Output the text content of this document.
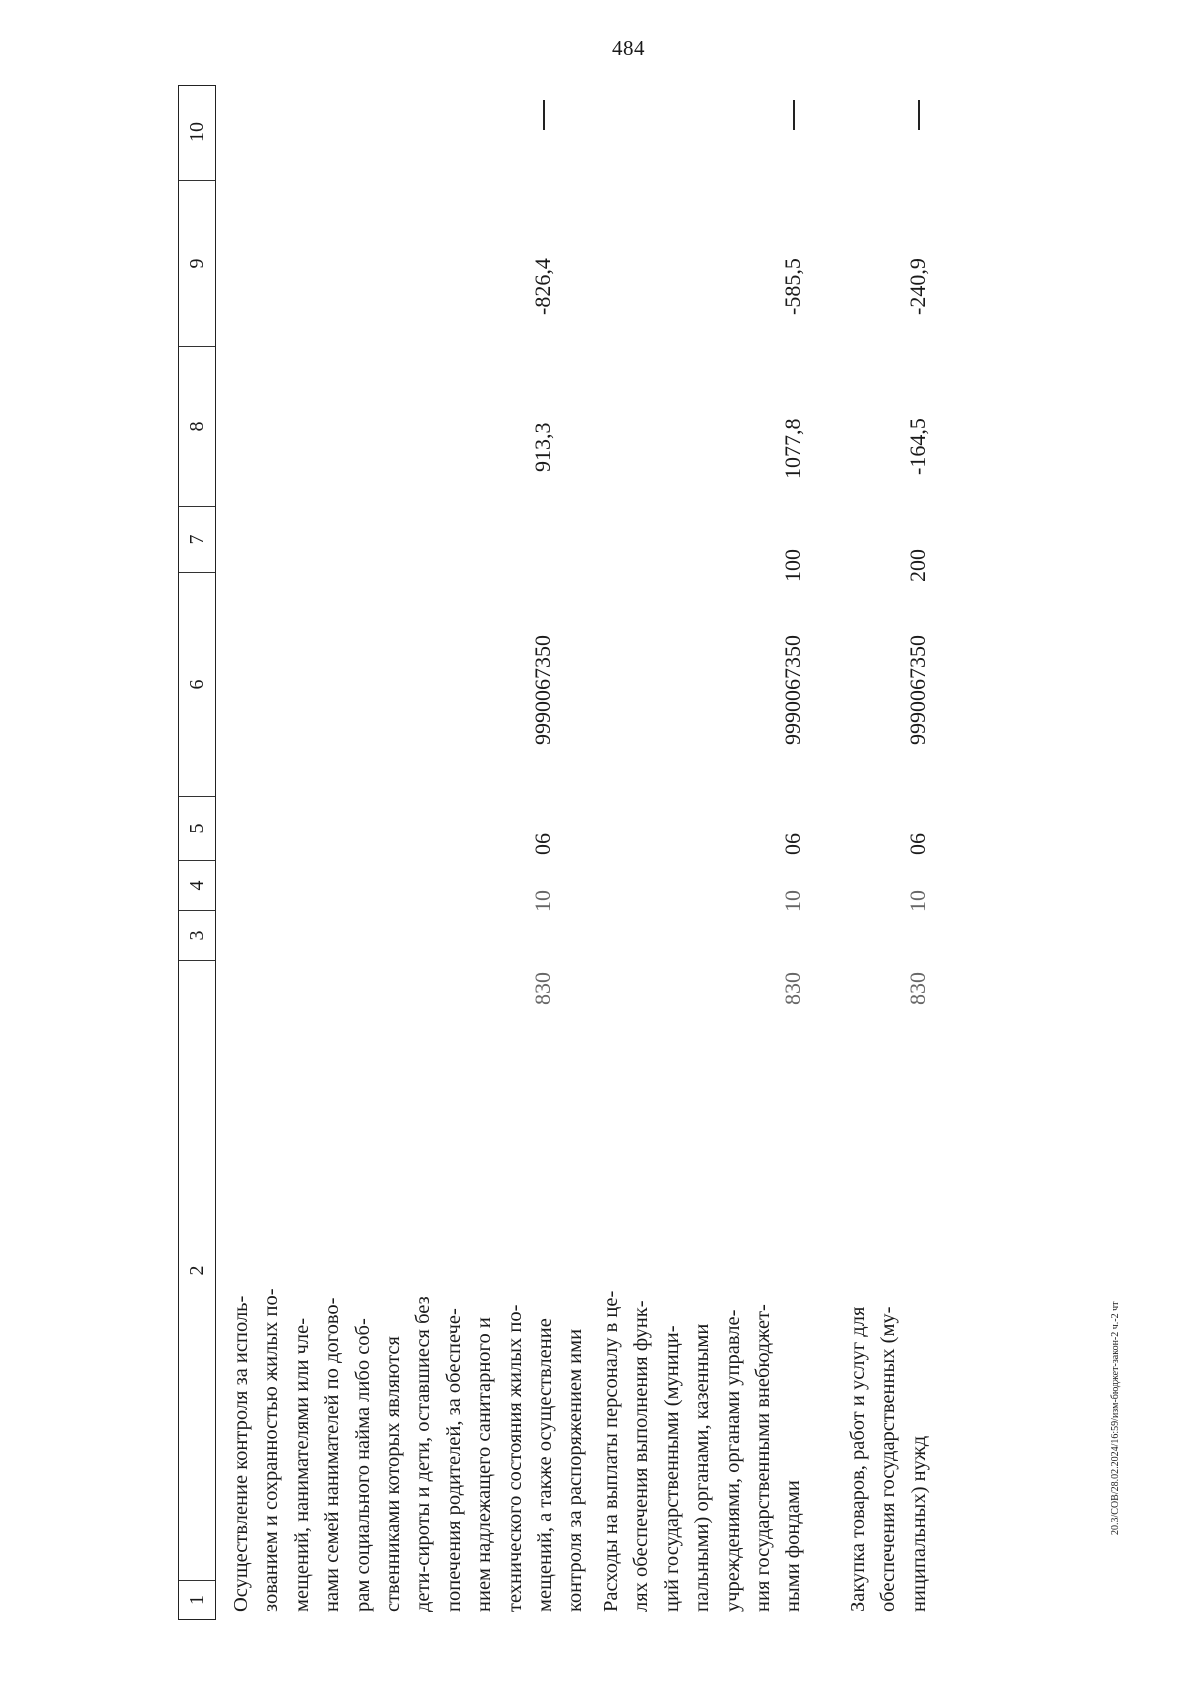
484
20.3/СОВ/28.02.2024/16:59/изм-бюджет-закон-2 ч.-2 чт
1
2
3
4
5
6
7
8
9
10
Осуществление контроля за исполь-
зованием и сохранностью жилых по-
мещений, нанимателями или чле-
нами семей нанимателей по догово-
рам социального найма либо соб-
ственниками которых являются
дети-сироты и дети, оставшиеся без
попечения родителей, за обеспече-
нием надлежащего санитарного и
технического состояния жилых по-
мещений, а также осуществление
контроля за распоряжением ими
830
10
06
9990067350
913,3
-826,4
Расходы на выплаты персоналу в це-
лях обеспечения выполнения функ-
ций государственными (муници-
пальными) органами, казенными
учреждениями, органами управле-
ния государственными внебюджет-
ными фондами
830
10
06
9990067350
100
1077,8
-585,5
Закупка товаров, работ и услуг для
обеспечения государственных (му-
ниципальных) нужд
830
10
06
9990067350
200
-164,5
-240,9
